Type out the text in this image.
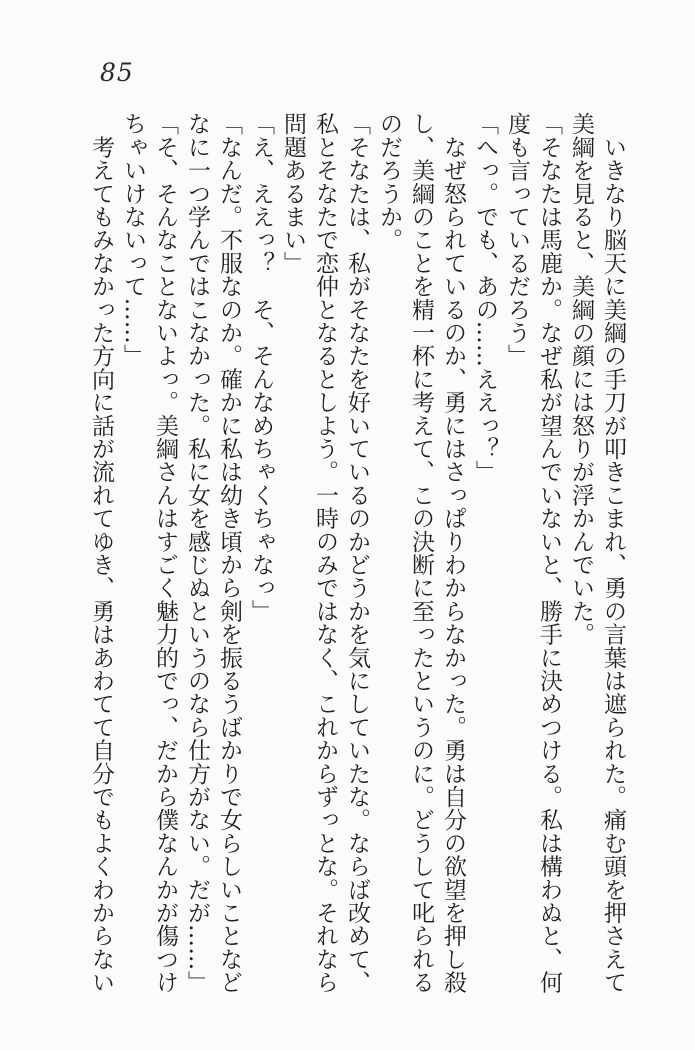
85
　いきなり脳天に美綱の手刀が叩きこまれ、勇の言葉は遮られた。痛む頭を押さえて
美綱を見ると、美綱の顔には怒りが浮かんでいた。
「そなたは馬鹿か。なぜ私が望んでいないと、勝手に決めつける。私は構わぬと、何
度も言っているだろう」
「へっ。でも、あの……ええっ？」
　なぜ怒られているのか、勇にはさっぱりわからなかった。勇は自分の欲望を押し殺
し、美綱のことを精一杯に考えて、この決断に至ったというのに。どうして叱られる
のだろうか。
「そなたは、私がそなたを好いているのかどうかを気にしていたな。ならば改めて、
私とそなたで恋仲となるとしよう。一時のみではなく、これからずっとな。それなら
問題あるまい」
「え、ええっ？　そ、そんなめちゃくちゃなっ」
「なんだ。不服なのか。確かに私は幼き頃から剣を振るうばかりで女らしいことなど
なに一つ学んではこなかった。私に女を感じぬというのなら仕方がない。だが……」
「そ、そんなことないよっ。美綱さんはすごく魅力的でっ、だから僕なんかが傷つけ
ちゃいけないって……」
　考えてもみなかった方向に話が流れてゆき、勇はあわてて自分でもよくわからない
